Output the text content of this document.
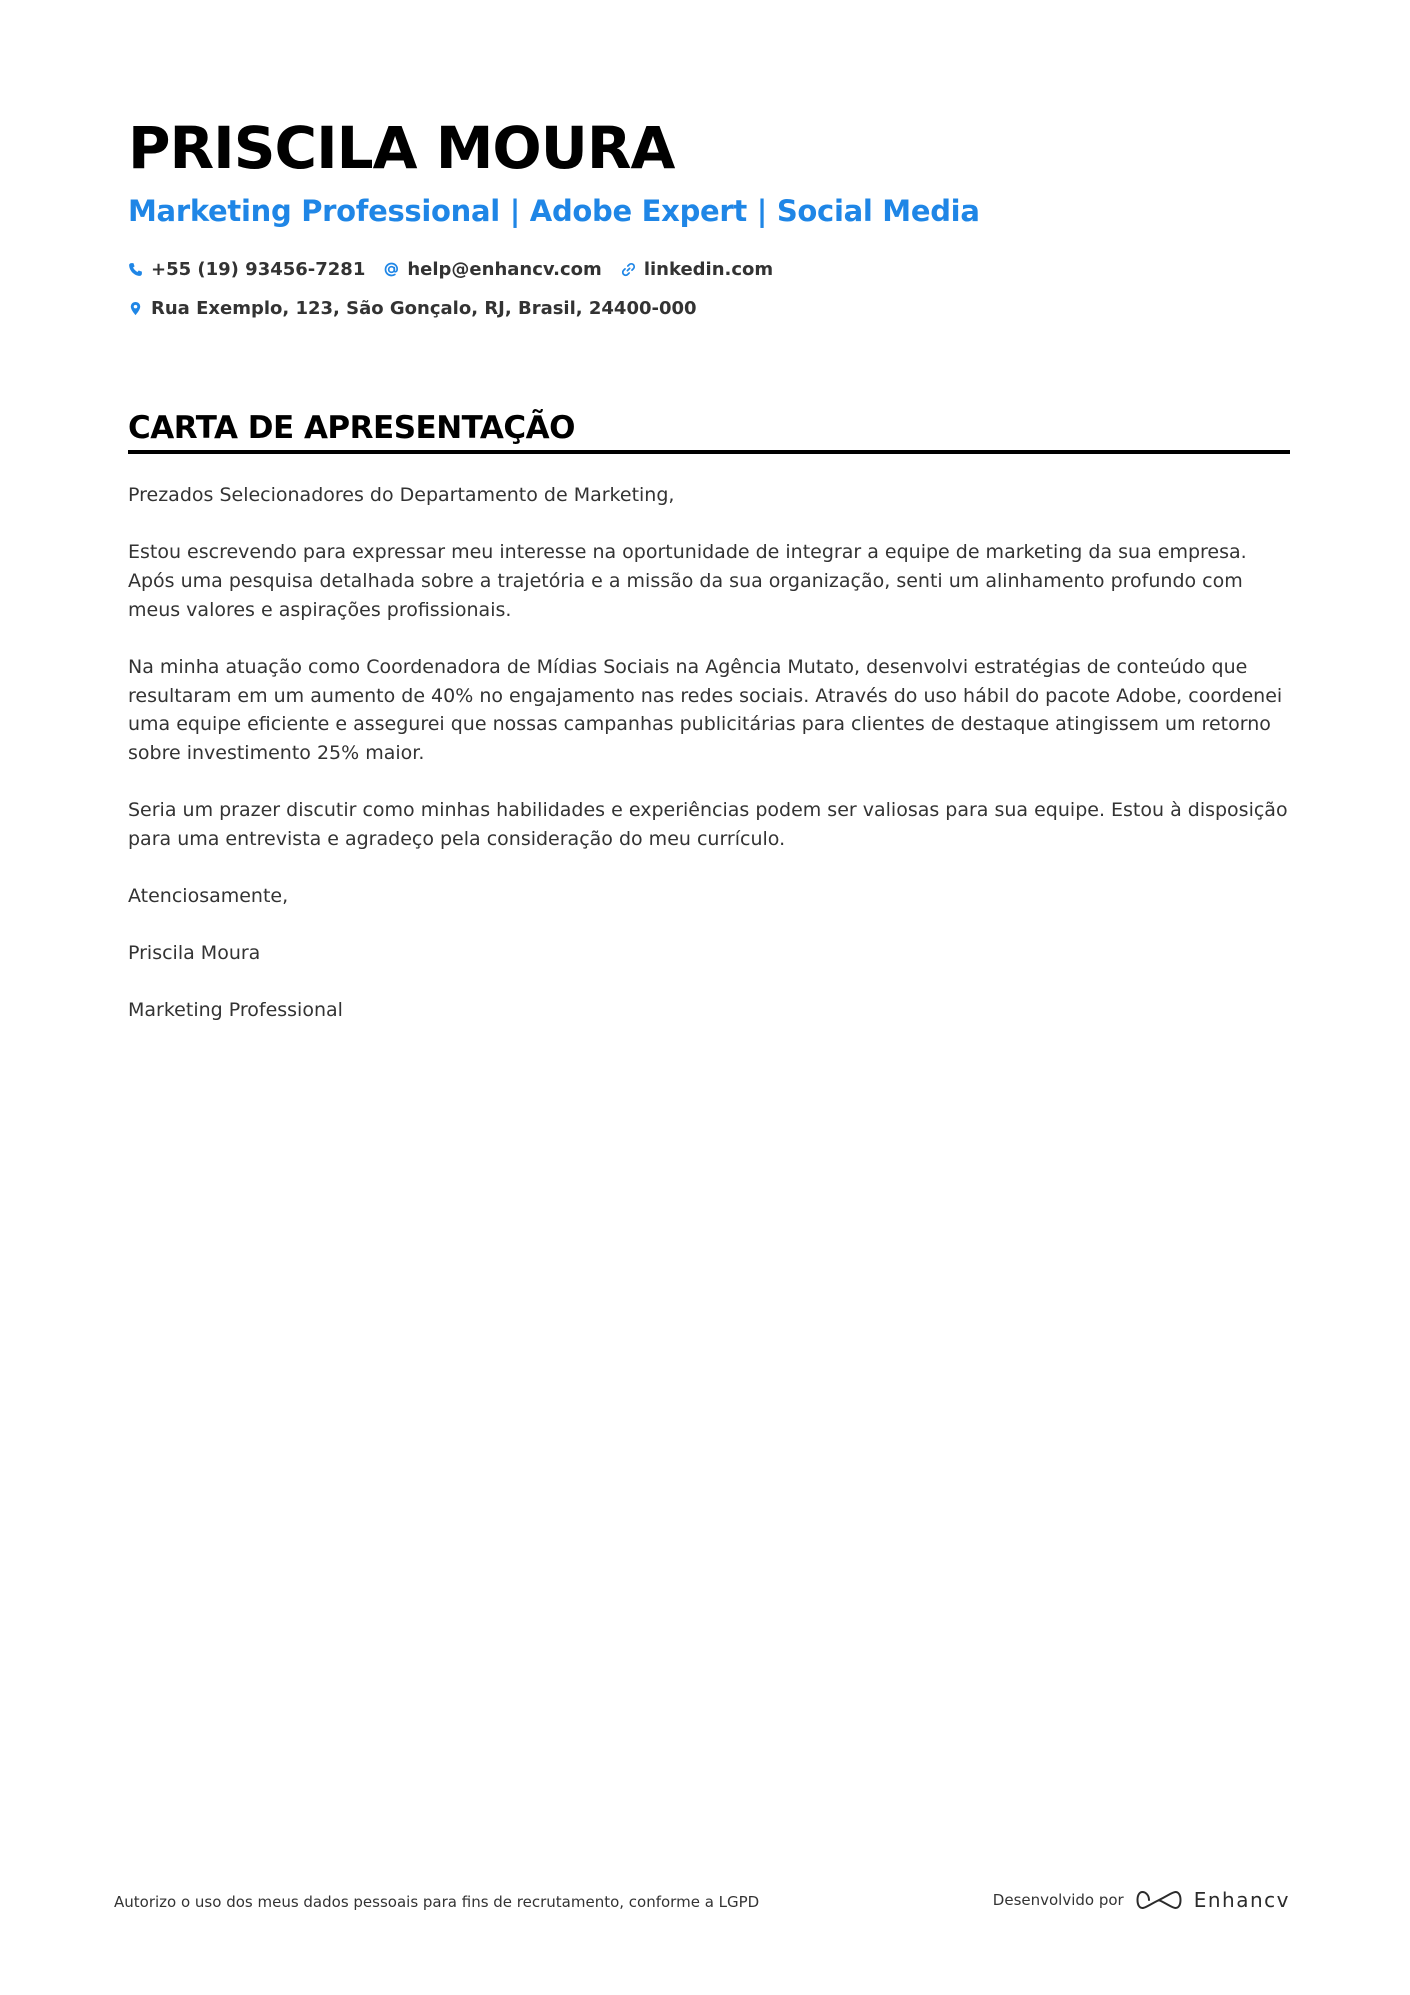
PRISCILA MOURA
Marketing Professional | Adobe Expert | Social Media
+55 (19) 93456-7281 help@enhancv.com linkedin.com
Rua Exemplo, 123, São Gonçalo, RJ, Brasil, 24400-000
CARTA DE APRESENTAÇÃO

Prezados Selecionadores do Departamento de Marketing,

Estou escrevendo para expressar meu interesse na oportunidade de integrar a equipe de marketing da sua empresa. Após uma pesquisa detalhada sobre a trajetória e a missão da sua organização, senti um alinhamento profundo com meus valores e aspirações profissionais.

Na minha atuação como Coordenadora de Mídias Sociais na Agência Mutato, desenvolvi estratégias de conteúdo que resultaram em um aumento de 40% no engajamento nas redes sociais. Através do uso hábil do pacote Adobe, coordenei uma equipe eficiente e assegurei que nossas campanhas publicitárias para clientes de destaque atingissem um retorno sobre investimento 25% maior.

Seria um prazer discutir como minhas habilidades e experiências podem ser valiosas para sua equipe. Estou à disposição para uma entrevista e agradeço pela consideração do meu currículo.

Atenciosamente,

Priscila Moura

Marketing Professional

Autorizo o uso dos meus dados pessoais para fins de recrutamento, conforme a LGPD	Desenvolvido por	Enhancv
